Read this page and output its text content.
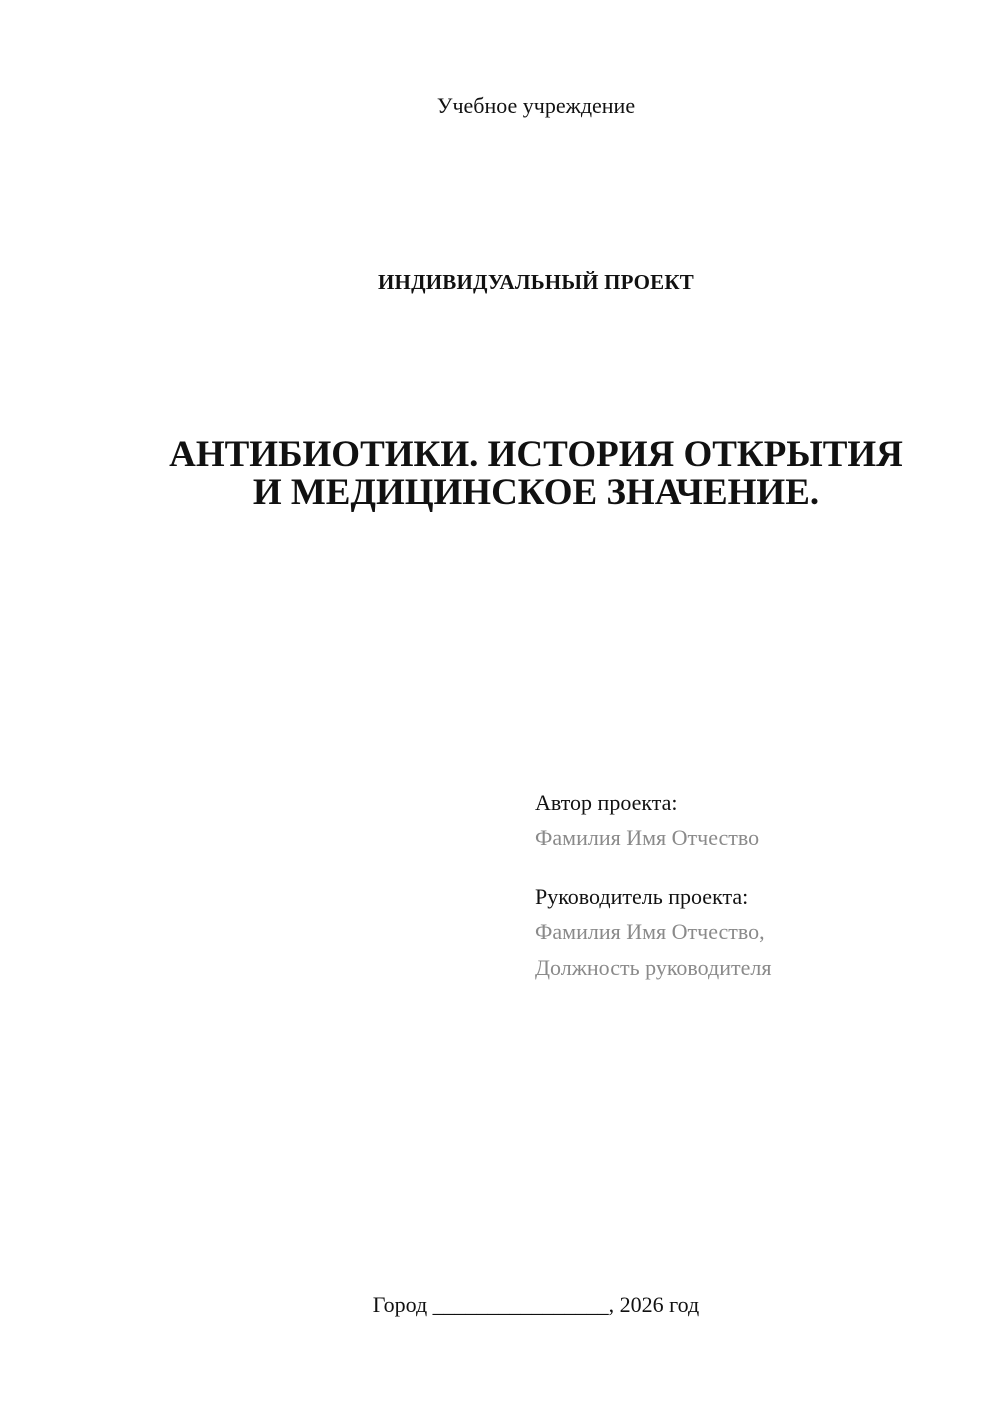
Учебное учреждение
ИНДИВИДУАЛЬНЫЙ ПРОЕКТ
АНТИБИОТИКИ. ИСТОРИЯ ОТКРЫТИЯ
И МЕДИЦИНСКОЕ ЗНАЧЕНИЕ.
Автор проекта:
Фамилия Имя Отчество
Руководитель проекта:
Фамилия Имя Отчество,
Должность руководителя
Город ________________, 2026 год
